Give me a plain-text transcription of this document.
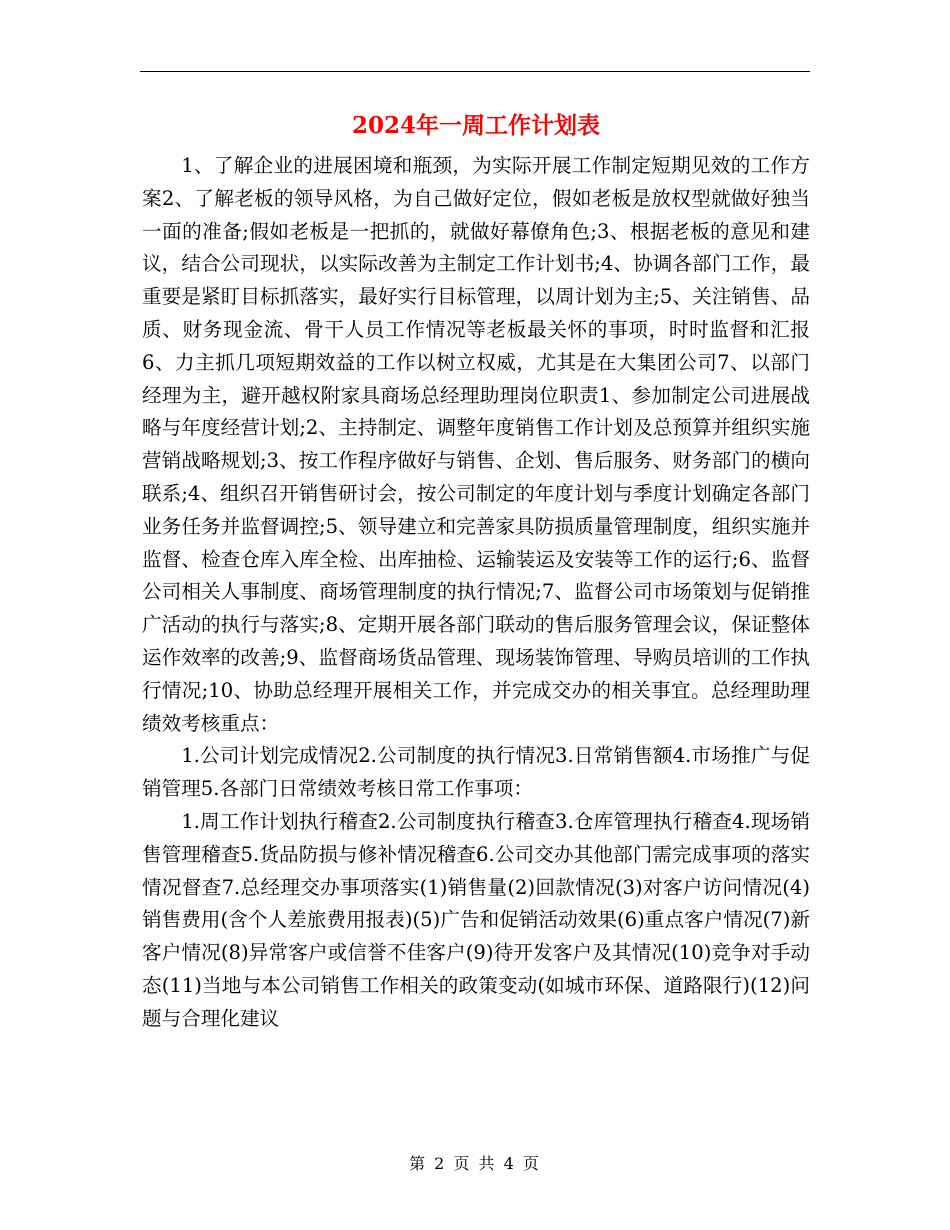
2024年一周工作计划表

1、了解企业的进展困境和瓶颈，为实际开展工作制定短期见效的工作方案2、了解老板的领导风格，为自己做好定位，假如老板是放权型就做好独当一面的准备;假如老板是一把抓的，就做好幕僚角色;3、根据老板的意见和建议，结合公司现状，以实际改善为主制定工作计划书;4、协调各部门工作，最重要是紧盯目标抓落实，最好实行目标管理，以周计划为主;5、关注销售、品质、财务现金流、骨干人员工作情况等老板最关怀的事项，时时监督和汇报6、力主抓几项短期效益的工作以树立权威，尤其是在大集团公司7、以部门经理为主，避开越权附家具商场总经理助理岗位职责1、参加制定公司进展战略与年度经营计划;2、主持制定、调整年度销售工作计划及总预算并组织实施营销战略规划;3、按工作程序做好与销售、企划、售后服务、财务部门的横向联系;4、组织召开销售研讨会，按公司制定的年度计划与季度计划确定各部门业务任务并监督调控;5、领导建立和完善家具防损质量管理制度，组织实施并监督、检查仓库入库全检、出库抽检、运输装运及安装等工作的运行;6、监督公司相关人事制度、商场管理制度的执行情况;7、监督公司市场策划与促销推广活动的执行与落实;8、定期开展各部门联动的售后服务管理会议，保证整体运作效率的改善;9、监督商场货品管理、现场装饰管理、导购员培训的工作执行情况;10、协助总经理开展相关工作，并完成交办的相关事宜。总经理助理绩效考核重点：

1.公司计划完成情况2.公司制度的执行情况3.日常销售额4.市场推广与促销管理5.各部门日常绩效考核日常工作事项：

1.周工作计划执行稽查2.公司制度执行稽查3.仓库管理执行稽查4.现场销售管理稽查5.货品防损与修补情况稽查6.公司交办其他部门需完成事项的落实情况督查7.总经理交办事项落实(1)销售量(2)回款情况(3)对客户访问情况(4)销售费用(含个人差旅费用报表)(5)广告和促销活动效果(6)重点客户情况(7)新客户情况(8)异常客户或信誉不佳客户(9)待开发客户及其情况(10)竞争对手动态(11)当地与本公司销售工作相关的政策变动(如城市环保、道路限行)(12)问题与合理化建议

第 2 页 共 4 页
